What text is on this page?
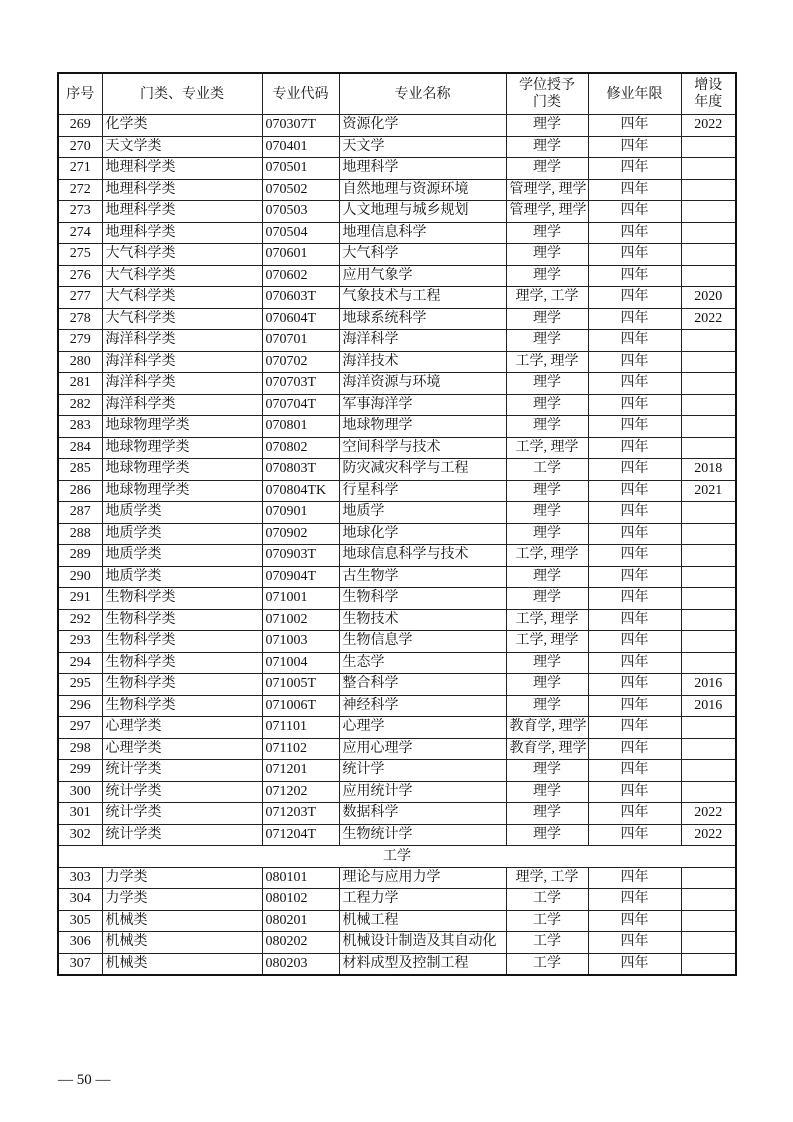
序号	门类、专业类	专业代码	专业名称	学位授予门类	修业年限	增设年度
269	化学类	070307T	资源化学	理学	四年	2022
270	天文学类	070401	天文学	理学	四年	
271	地理科学类	070501	地理科学	理学	四年	
272	地理科学类	070502	自然地理与资源环境	管理学, 理学	四年	
273	地理科学类	070503	人文地理与城乡规划	管理学, 理学	四年	
274	地理科学类	070504	地理信息科学	理学	四年	
275	大气科学类	070601	大气科学	理学	四年	
276	大气科学类	070602	应用气象学	理学	四年	
277	大气科学类	070603T	气象技术与工程	理学, 工学	四年	2020
278	大气科学类	070604T	地球系统科学	理学	四年	2022
279	海洋科学类	070701	海洋科学	理学	四年	
280	海洋科学类	070702	海洋技术	工学, 理学	四年	
281	海洋科学类	070703T	海洋资源与环境	理学	四年	
282	海洋科学类	070704T	军事海洋学	理学	四年	
283	地球物理学类	070801	地球物理学	理学	四年	
284	地球物理学类	070802	空间科学与技术	工学, 理学	四年	
285	地球物理学类	070803T	防灾减灾科学与工程	工学	四年	2018
286	地球物理学类	070804TK	行星科学	理学	四年	2021
287	地质学类	070901	地质学	理学	四年	
288	地质学类	070902	地球化学	理学	四年	
289	地质学类	070903T	地球信息科学与技术	工学, 理学	四年	
290	地质学类	070904T	古生物学	理学	四年	
291	生物科学类	071001	生物科学	理学	四年	
292	生物科学类	071002	生物技术	工学, 理学	四年	
293	生物科学类	071003	生物信息学	工学, 理学	四年	
294	生物科学类	071004	生态学	理学	四年	
295	生物科学类	071005T	整合科学	理学	四年	2016
296	生物科学类	071006T	神经科学	理学	四年	2016
297	心理学类	071101	心理学	教育学, 理学	四年	
298	心理学类	071102	应用心理学	教育学, 理学	四年	
299	统计学类	071201	统计学	理学	四年	
300	统计学类	071202	应用统计学	理学	四年	
301	统计学类	071203T	数据科学	理学	四年	2022
302	统计学类	071204T	生物统计学	理学	四年	2022
工学						
303	力学类	080101	理论与应用力学	理学, 工学	四年	
304	力学类	080102	工程力学	工学	四年	
305	机械类	080201	机械工程	工学	四年	
306	机械类	080202	机械设计制造及其自动化	工学	四年	
307	机械类	080203	材料成型及控制工程	工学	四年	
— 50 —
